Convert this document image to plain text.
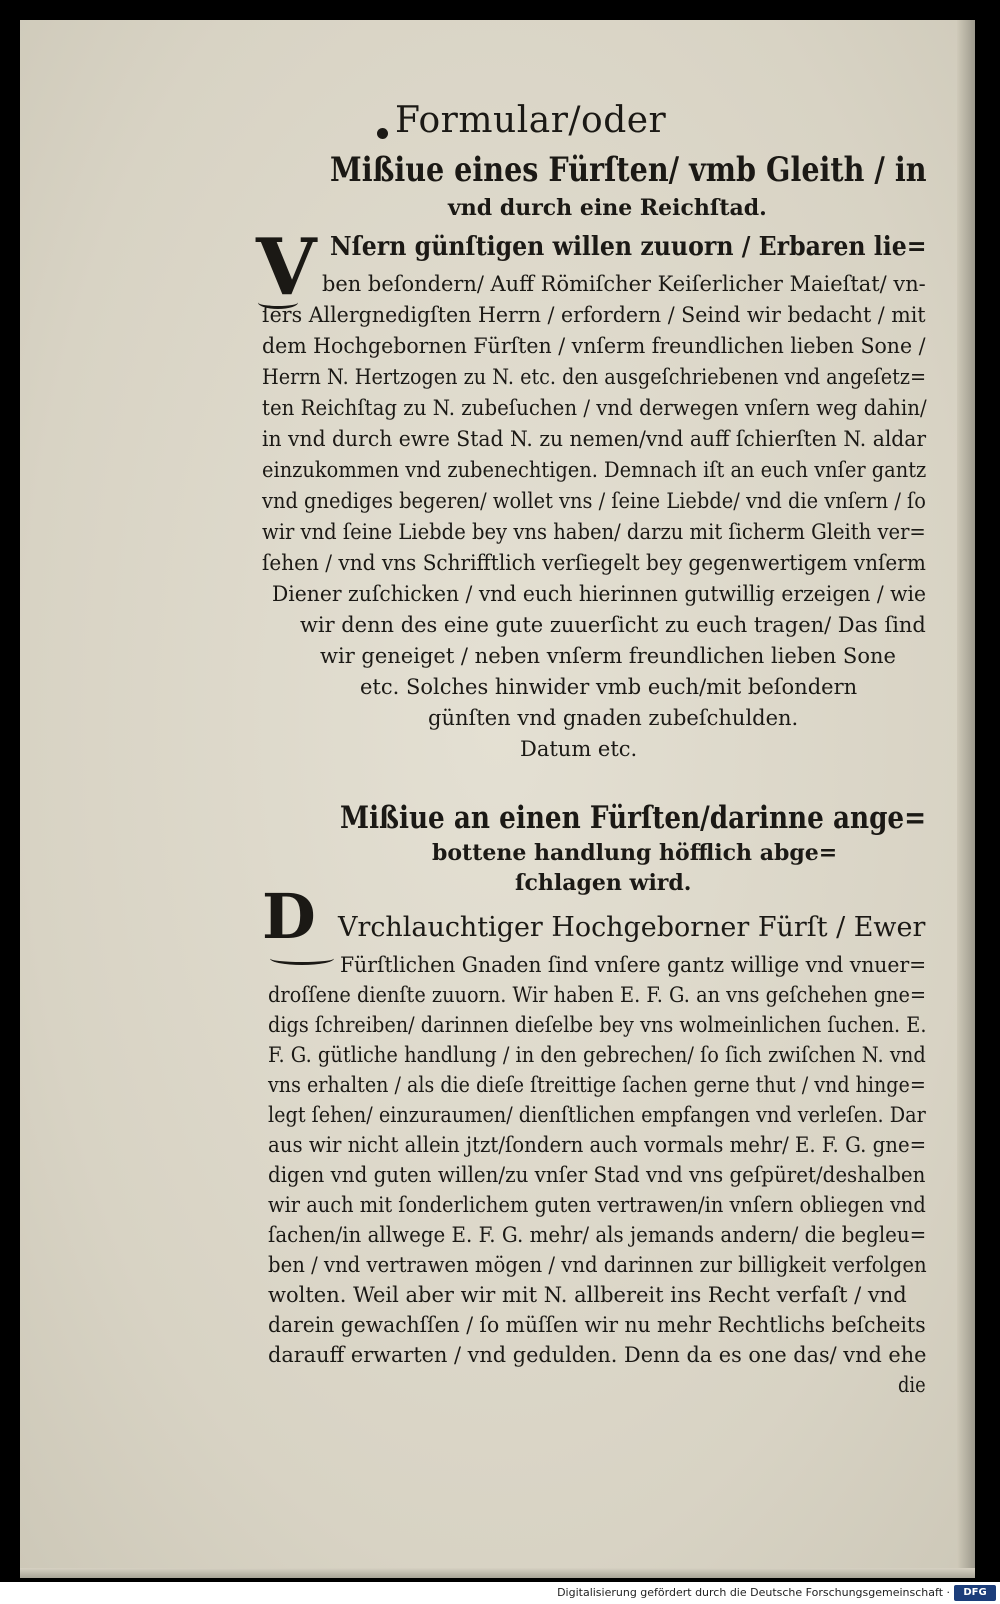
Formular/oder
Mißiue eines Fürſten/ vmb Gleith / in
vnd durch eine Reichſtad.
V Nſern günſtigen willen zuuorn / Erbaren lie=
ben beſondern/ Auff Römiſcher Keiſerlicher Maieſtat/ vn-
ſers Allergnedigſten Herrn / erfordern / Seind wir bedacht / mit
dem Hochgebornen Fürſten / vnſerm freundlichen lieben Sone /
Herrn N. Hertzogen zu N. etc. den ausgeſchriebenen vnd angeſetz=
ten Reichſtag zu N. zubeſuchen / vnd derwegen vnſern weg dahin/
in vnd durch ewre Stad N. zu nemen/vnd auff ſchierſten N. aldar
einzukommen vnd zubenechtigen. Demnach iſt an euch vnſer gantz
vnd gnediges begeren/ wollet vns / ſeine Liebde/ vnd die vnſern / ſo
wir vnd ſeine Liebde bey vns haben/ darzu mit ſicherm Gleith ver=
ſehen / vnd vns Schrifftlich verſiegelt bey gegenwertigem vnſerm
Diener zuſchicken / vnd euch hierinnen gutwillig erzeigen / wie
wir denn des eine gute zuuerſicht zu euch tragen/ Das ſind
wir geneiget / neben vnſerm freundlichen lieben Sone
etc. Solches hinwider vmb euch/mit beſondern
günſten vnd gnaden zubeſchulden.
Datum etc.
Mißiue an einen Fürſten/darinne ange=
bottene handlung höfflich abge=
ſchlagen wird.
D Vrchlauchtiger Hochgeborner Fürſt / Ewer
Fürſtlichen Gnaden ſind vnſere gantz willige vnd vnuer=
droſſene dienſte zuuorn. Wir haben E. F. G. an vns geſchehen gne=
digs ſchreiben/ darinnen dieſelbe bey vns wolmeinlichen ſuchen. E.
F. G. gütliche handlung / in den gebrechen/ ſo ſich zwiſchen N. vnd
vns erhalten / als die dieſe ſtreittige ſachen gerne thut / vnd hinge=
legt ſehen/ einzuraumen/ dienſtlichen empfangen vnd verleſen. Dar
aus wir nicht allein jtzt/ſondern auch vormals mehr/ E. F. G. gne=
digen vnd guten willen/zu vnſer Stad vnd vns geſpüret/deshalben
wir auch mit ſonderlichem guten vertrawen/in vnſern obliegen vnd
ſachen/in allwege E. F. G. mehr/ als jemands andern/ die begleu=
ben / vnd vertrawen mögen / vnd darinnen zur billigkeit verfolgen
wolten. Weil aber wir mit N. allbereit ins Recht verfaſt / vnd
darein gewachſſen / ſo müſſen wir nu mehr Rechtlichs beſcheits
darauff erwarten / vnd gedulden. Denn da es one das/ vnd ehe
die
Digitalisierung gefördert durch die Deutsche Forschungsgemeinschaft ·	DFG
